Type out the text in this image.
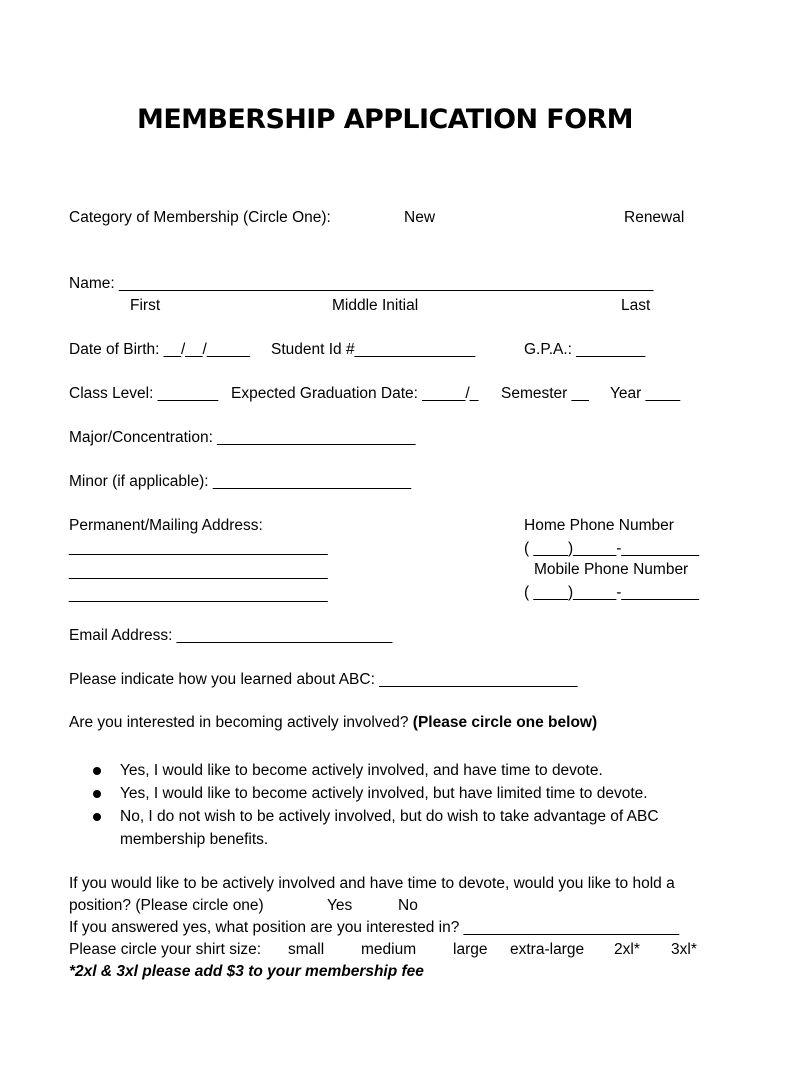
MEMBERSHIP APPLICATION FORM
Category of Membership (Circle One):	New	Renewal
Name: ______________________________________________________________
First	Middle Initial	Last
Date of Birth: __/__/_____ Student Id #______________	G.P.A.: ________
Class Level: _______ Expected Graduation Date: _____/_ Semester __ Year ____
Major/Concentration: _______________________
Minor (if applicable): _______________________
Permanent/Mailing Address:
______________________________
______________________________
______________________________
Home Phone Number
( ____)_____-_________
Mobile Phone Number
( ____)_____-_________
Email Address: _________________________
Please indicate how you learned about ABC: _______________________
Are you interested in becoming actively involved? (Please circle one below)
Yes, I would like to become actively involved, and have time to devote.
Yes, I would like to become actively involved, but have limited time to devote.
No, I do not wish to be actively involved, but do wish to take advantage of ABC
membership benefits.
If you would like to be actively involved and have time to devote, would you like to hold a
position? (Please circle one)	Yes	No
If you answered yes, what position are you interested in? _________________________
Please circle your shirt size: small medium large extra-large 2xl* 3xl*
*2xl & 3xl please add $3 to your membership fee
